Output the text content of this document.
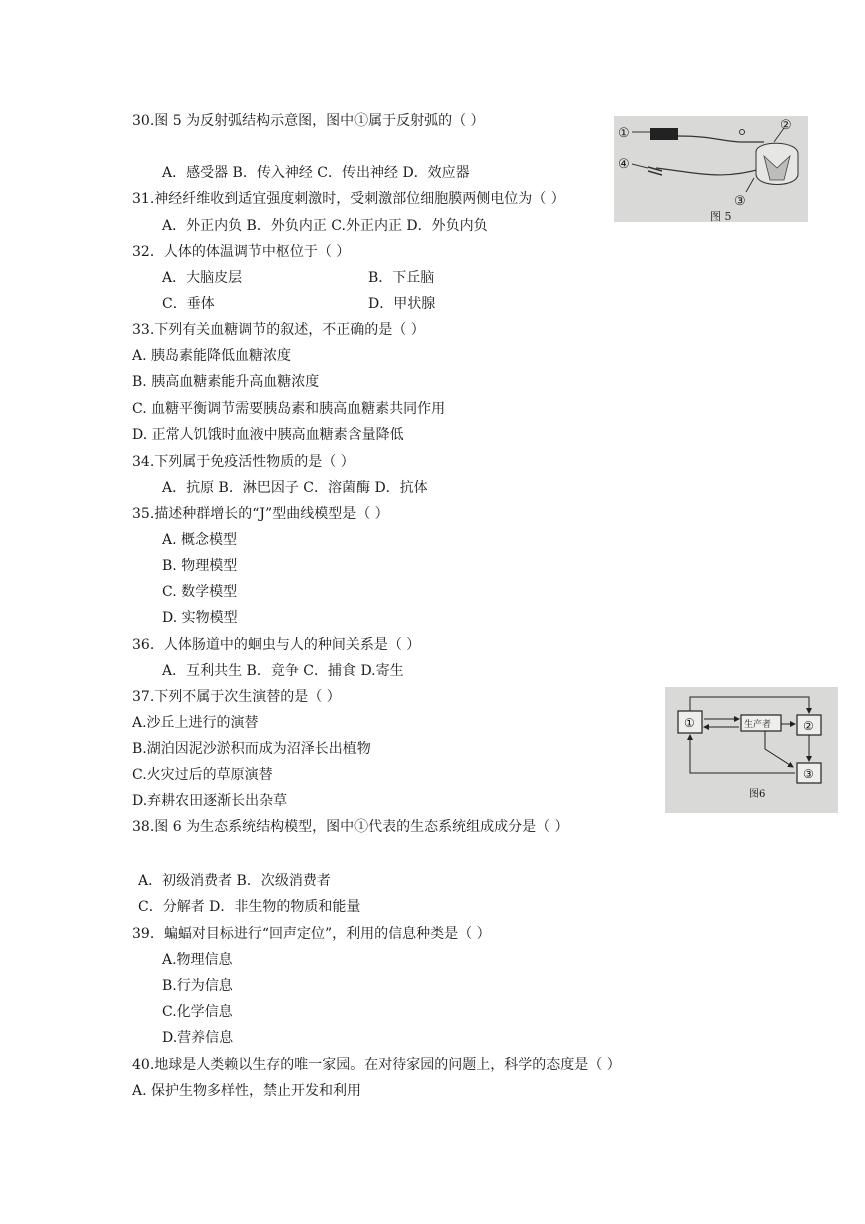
30.图 5 为反射弧结构示意图，图中①属于反射弧的（ ）
A．感受器 B．传入神经 C．传出神经 D．效应器
31.神经纤维收到适宜强度刺激时，受刺激部位细胞膜两侧电位为（ ）
A．外正内负 B．外负内正 C.外正内正 D．外负内负
32．人体的体温调节中枢位于（ ）
A．大脑皮层	B．下丘脑
C．垂体	D．甲状腺
33.下列有关血糖调节的叙述，不正确的是（ ）
A. 胰岛素能降低血糖浓度
B. 胰高血糖素能升高血糖浓度
C. 血糖平衡调节需要胰岛素和胰高血糖素共同作用
D. 正常人饥饿时血液中胰高血糖素含量降低
34.下列属于免疫活性物质的是（ ）
A．抗原 B．淋巴因子 C．溶菌酶 D．抗体
35.描述种群增长的“J”型曲线模型是（ ）
A. 概念模型
B. 物理模型
C. 数学模型
D. 实物模型
36．人体肠道中的蛔虫与人的种间关系是（ ）
A．互利共生 B．竞争 C．捕食 D.寄生
37.下列不属于次生演替的是（ ）
A.沙丘上进行的演替
B.湖泊因泥沙淤积而成为沼泽长出植物
C.火灾过后的草原演替
D.弃耕农田逐渐长出杂草
38.图 6 为生态系统结构模型，图中①代表的生态系统组成成分是（ ）
A．初级消费者 B．次级消费者
C．分解者 D．非生物的物质和能量
39．蝙蝠对目标进行“回声定位”，利用的信息种类是（ ）
A.物理信息
B.行为信息
C.化学信息
D.营养信息
40.地球是人类赖以生存的唯一家园。在对待家园的问题上，科学的态度是（ ）
A. 保护生物多样性，禁止开发和利用
①
②
③
④
图 5
①	生产者	②
③
图6
